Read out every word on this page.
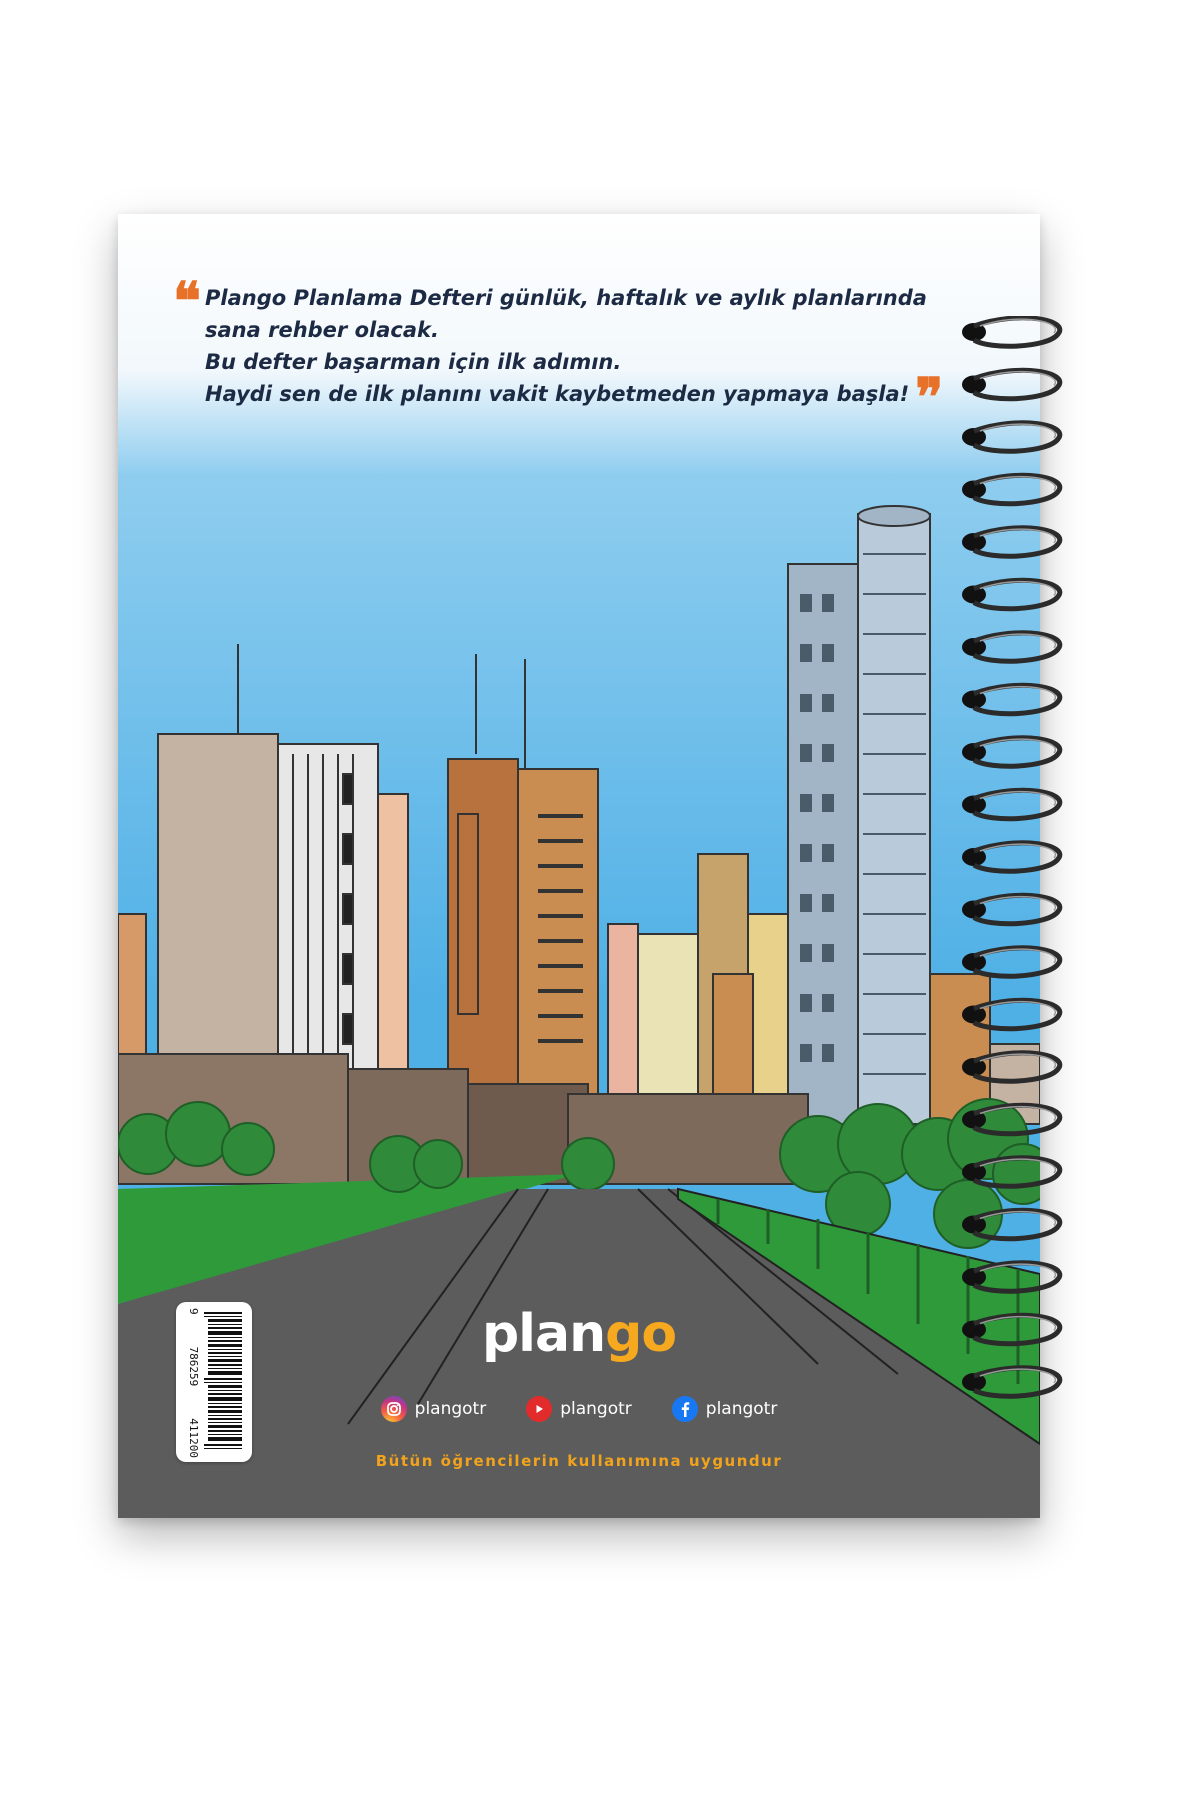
❝ Plango Planlama Defteri günlük, haftalık ve aylık planlarında
sana rehber olacak.
Bu defter başarman için ilk adımın.
Haydi sen de ilk planını vakit kaybetmeden yapmaya başla! ❞
9
786259
411200
plango
plangotr	plangotr	plangotr
Bütün öğrencilerin kullanımına uygundur
